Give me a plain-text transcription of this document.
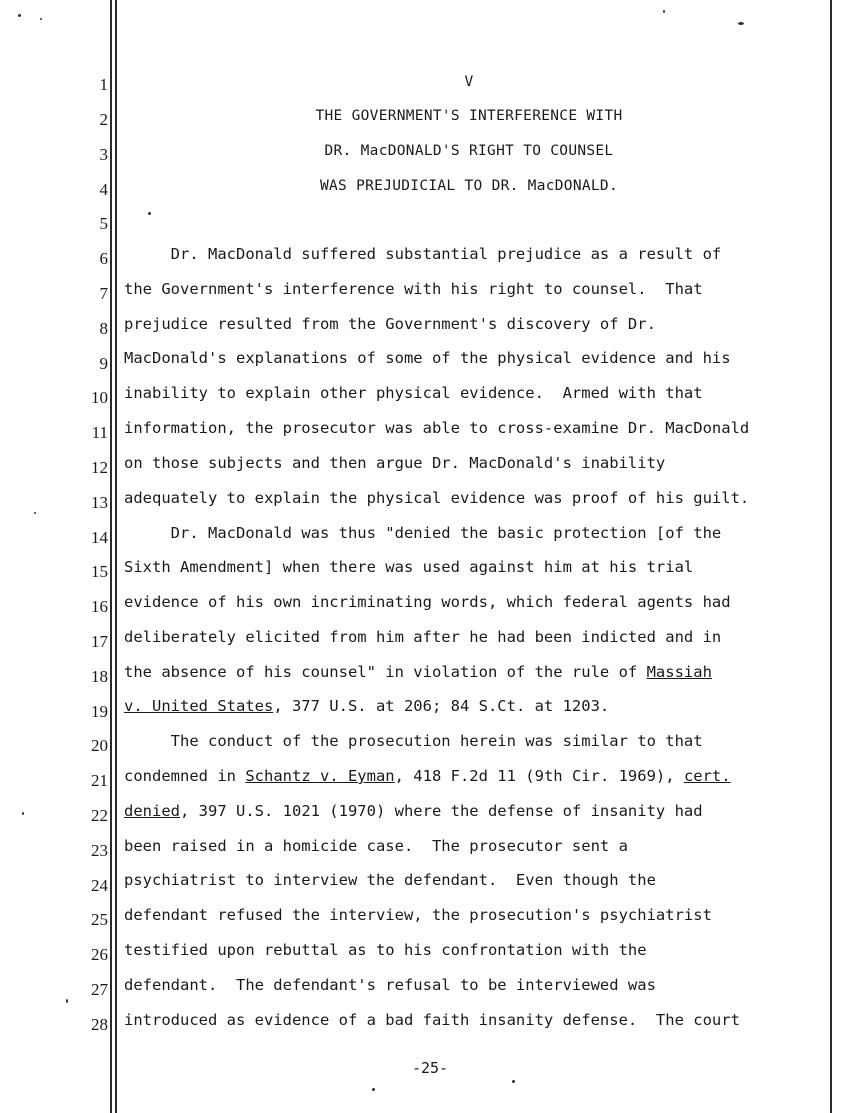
1
2
3
4
5
6
7
8
9
10
11
12
13
14
15
16
17
18
19
20
21
22
23
24
25
26
27
28
V
THE GOVERNMENT'S INTERFERENCE WITH
DR. MacDONALD'S RIGHT TO COUNSEL
WAS PREJUDICIAL TO DR. MacDONALD.
Dr. MacDonald suffered substantial prejudice as a result of
the Government's interference with his right to counsel.  That
prejudice resulted from the Government's discovery of Dr.
MacDonald's explanations of some of the physical evidence and his
inability to explain other physical evidence.  Armed with that
information, the prosecutor was able to cross-examine Dr. MacDonald
on those subjects and then argue Dr. MacDonald's inability
adequately to explain the physical evidence was proof of his guilt.
Dr. MacDonald was thus "denied the basic protection [of the
Sixth Amendment] when there was used against him at his trial
evidence of his own incriminating words, which federal agents had
deliberately elicited from him after he had been indicted and in
the absence of his counsel" in violation of the rule of Massiah
v. United States, 377 U.S. at 206; 84 S.Ct. at 1203.
The conduct of the prosecution herein was similar to that
condemned in Schantz v. Eyman, 418 F.2d 11 (9th Cir. 1969), cert.
denied, 397 U.S. 1021 (1970) where the defense of insanity had
been raised in a homicide case.  The prosecutor sent a
psychiatrist to interview the defendant.  Even though the
defendant refused the interview, the prosecution's psychiatrist
testified upon rebuttal as to his confrontation with the
defendant.  The defendant's refusal to be interviewed was
introduced as evidence of a bad faith insanity defense.  The court
-25-
